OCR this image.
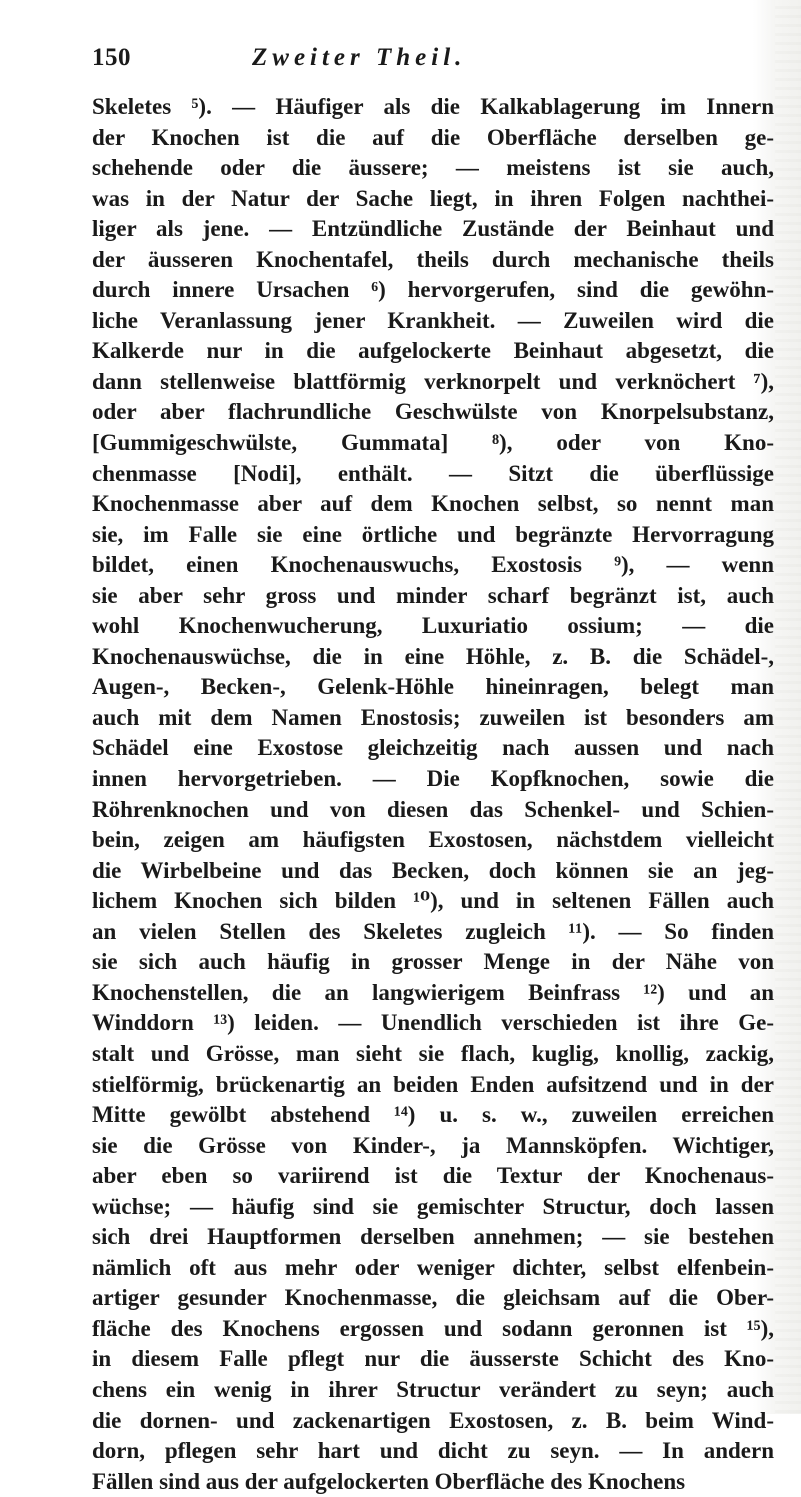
150	Zweiter Theil.
Skeletes ⁵). — Häufiger als die Kalkablagerung im Innern
der Knochen ist die auf die Oberfläche derselben ge-
schehende oder die äussere; — meistens ist sie auch,
was in der Natur der Sache liegt, in ihren Folgen nachthei-
liger als jene. — Entzündliche Zustände der Beinhaut und
der äusseren Knochentafel, theils durch mechanische theils
durch innere Ursachen ⁶) hervorgerufen, sind die gewöhn-
liche Veranlassung jener Krankheit. — Zuweilen wird die
Kalkerde nur in die aufgelockerte Beinhaut abgesetzt, die
dann stellenweise blattförmig verknorpelt und verknöchert ⁷),
oder aber flachrundliche Geschwülste von Knorpelsubstanz,
[Gummigeschwülste, Gummata] ⁸), oder von Kno-
chenmasse [Nodi], enthält. — Sitzt die überflüssige
Knochenmasse aber auf dem Knochen selbst, so nennt man
sie, im Falle sie eine örtliche und begränzte Hervorragung
bildet, einen Knochenauswuchs, Exostosis ⁹), — wenn
sie aber sehr gross und minder scharf begränzt ist, auch
wohl Knochenwucherung, Luxuriatio ossium; — die
Knochenauswüchse, die in eine Höhle, z. B. die Schädel-,
Augen-, Becken-, Gelenk-Höhle hineinragen, belegt man
auch mit dem Namen Enostosis; zuweilen ist besonders am
Schädel eine Exostose gleichzeitig nach aussen und nach
innen hervorgetrieben. — Die Kopfknochen, sowie die
Röhrenknochen und von diesen das Schenkel- und Schien-
bein, zeigen am häufigsten Exostosen, nächstdem vielleicht
die Wirbelbeine und das Becken, doch können sie an jeg-
lichem Knochen sich bilden ¹⁰), und in seltenen Fällen auch
an vielen Stellen des Skeletes zugleich ¹¹). — So finden
sie sich auch häufig in grosser Menge in der Nähe von
Knochenstellen, die an langwierigem Beinfrass ¹²) und an
Winddorn ¹³) leiden. — Unendlich verschieden ist ihre Ge-
stalt und Grösse, man sieht sie flach, kuglig, knollig, zackig,
stielförmig, brückenartig an beiden Enden aufsitzend und in der
Mitte gewölbt abstehend ¹⁴) u. s. w., zuweilen erreichen
sie die Grösse von Kinder-, ja Mannsköpfen. Wichtiger,
aber eben so variirend ist die Textur der Knochenaus-
wüchse; — häufig sind sie gemischter Structur, doch lassen
sich drei Hauptformen derselben annehmen; — sie bestehen
nämlich oft aus mehr oder weniger dichter, selbst elfenbein-
artiger gesunder Knochenmasse, die gleichsam auf die Ober-
fläche des Knochens ergossen und sodann geronnen ist ¹⁵),
in diesem Falle pflegt nur die äusserste Schicht des Kno-
chens ein wenig in ihrer Structur verändert zu seyn; auch
die dornen- und zackenartigen Exostosen, z. B. beim Wind-
dorn, pflegen sehr hart und dicht zu seyn. — In andern
Fällen sind aus der aufgelockerten Oberfläche des Knochens
